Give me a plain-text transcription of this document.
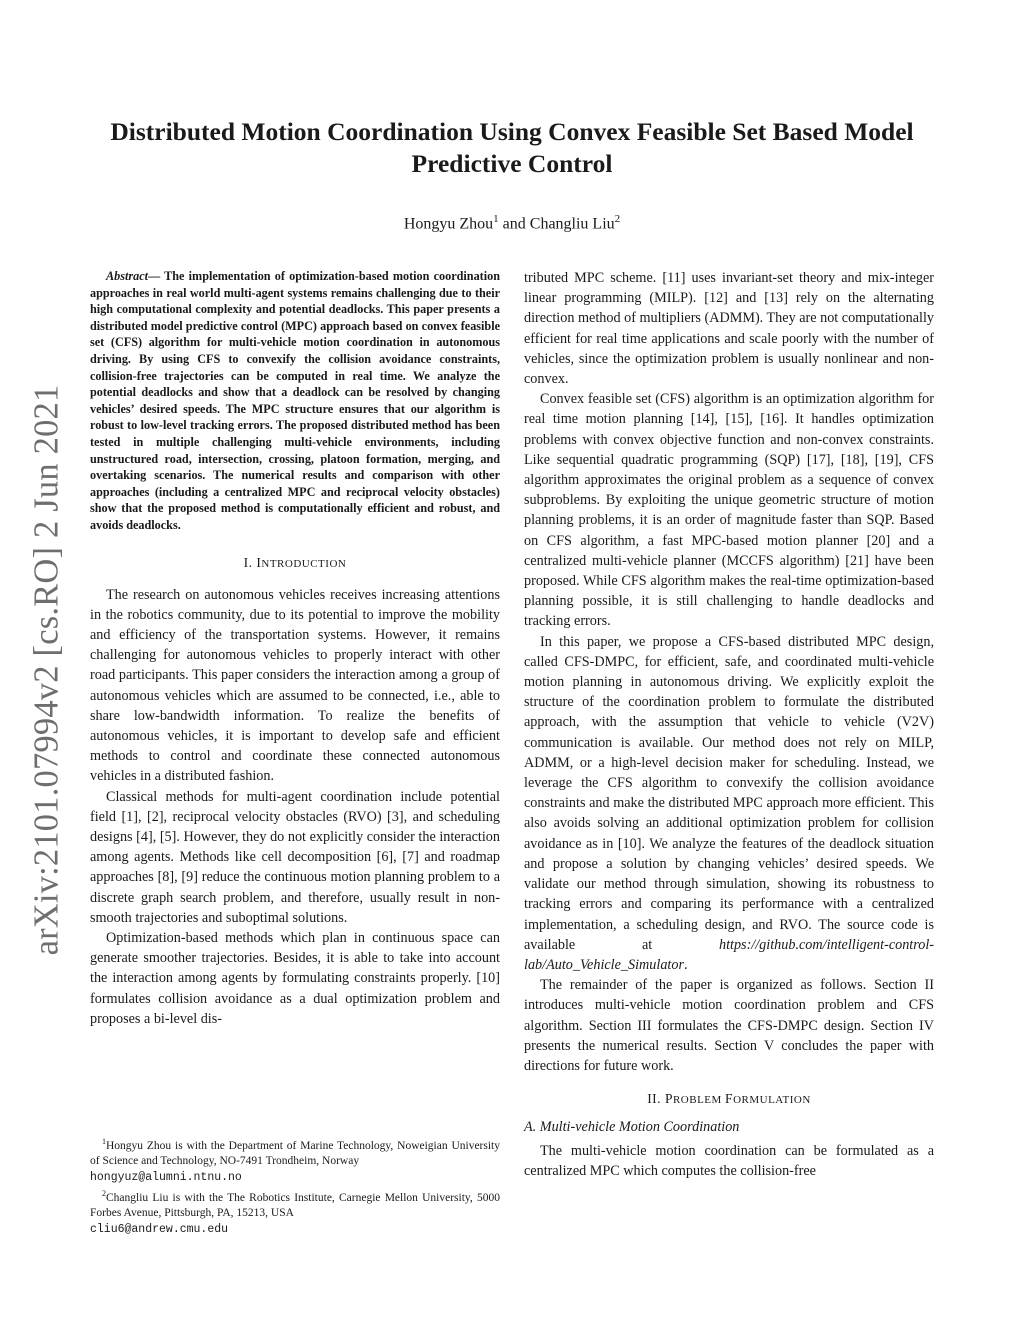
arXiv:2101.07994v2 [cs.RO] 2 Jun 2021
Distributed Motion Coordination Using Convex Feasible Set Based Model Predictive Control
Hongyu Zhou$^1$ and Changliu Liu$^2$

Abstract— The implementation of optimization-based motion coordination approaches in real world multi-agent systems remains challenging due to their high computational complexity and potential deadlocks. This paper presents a distributed model predictive control (MPC) approach based on convex feasible set (CFS) algorithm for multi-vehicle motion coordination in autonomous driving. By using CFS to convexify the collision avoidance constraints, collision-free trajectories can be computed in real time. We analyze the potential deadlocks and show that a deadlock can be resolved by changing vehicles’ desired speeds. The MPC structure ensures that our algorithm is robust to low-level tracking errors. The proposed distributed method has been tested in multiple challenging multi-vehicle environments, including unstructured road, intersection, crossing, platoon formation, merging, and overtaking scenarios. The numerical results and comparison with other approaches (including a centralized MPC and reciprocal velocity obstacles) show that the proposed method is computationally efficient and robust, and avoids deadlocks.

I. INTRODUCTION

The research on autonomous vehicles receives increasing attentions in the robotics community, due to its potential to improve the mobility and efficiency of the transportation systems. However, it remains challenging for autonomous vehicles to properly interact with other road participants. This paper considers the interaction among a group of autonomous vehicles which are assumed to be connected, i.e., able to share low-bandwidth information. To realize the benefits of autonomous vehicles, it is important to develop safe and efficient methods to control and coordinate these connected autonomous vehicles in a distributed fashion.

Classical methods for multi-agent coordination include potential field [1], [2], reciprocal velocity obstacles (RVO) [3], and scheduling designs [4], [5]. However, they do not explicitly consider the interaction among agents. Methods like cell decomposition [6], [7] and roadmap approaches [8], [9] reduce the continuous motion planning problem to a discrete graph search problem, and therefore, usually result in non-smooth trajectories and suboptimal solutions.

Optimization-based methods which plan in continuous space can generate smoother trajectories. Besides, it is able to take into account the interaction among agents by formulating constraints properly. [10] formulates collision avoidance as a dual optimization problem and proposes a bi-level dis-

$^1$Hongyu Zhou is with the Department of Marine Technology, Noweigian University of Science and Technology, NO-7491 Trondheim, Norway
hongyuz@alumni.ntnu.no

$^2$Changliu Liu is with the The Robotics Institute, Carnegie Mellon University, 5000 Forbes Avenue, Pittsburgh, PA, 15213, USA
cliu6@andrew.cmu.edu

tributed MPC scheme. [11] uses invariant-set theory and mix-integer linear programming (MILP). [12] and [13] rely on the alternating direction method of multipliers (ADMM). They are not computationally efficient for real time applications and scale poorly with the number of vehicles, since the optimization problem is usually nonlinear and non-convex.

Convex feasible set (CFS) algorithm is an optimization algorithm for real time motion planning [14], [15], [16]. It handles optimization problems with convex objective function and non-convex constraints. Like sequential quadratic programming (SQP) [17], [18], [19], CFS algorithm approximates the original problem as a sequence of convex subproblems. By exploiting the unique geometric structure of motion planning problems, it is an order of magnitude faster than SQP. Based on CFS algorithm, a fast MPC-based motion planner [20] and a centralized multi-vehicle planner (MCCFS algorithm) [21] have been proposed. While CFS algorithm makes the real-time optimization-based planning possible, it is still challenging to handle deadlocks and tracking errors.

In this paper, we propose a CFS-based distributed MPC design, called CFS-DMPC, for efficient, safe, and coordinated multi-vehicle motion planning in autonomous driving. We explicitly exploit the structure of the coordination problem to formulate the distributed approach, with the assumption that vehicle to vehicle (V2V) communication is available. Our method does not rely on MILP, ADMM, or a high-level decision maker for scheduling. Instead, we leverage the CFS algorithm to convexify the collision avoidance constraints and make the distributed MPC approach more efficient. This also avoids solving an additional optimization problem for collision avoidance as in [10]. We analyze the features of the deadlock situation and propose a solution by changing vehicles’ desired speeds. We validate our method through simulation, showing its robustness to tracking errors and comparing its performance with a centralized implementation, a scheduling design, and RVO. The source code is available at https://github.com/intelligent-control-lab/Auto_Vehicle_Simulator.

The remainder of the paper is organized as follows. Section II introduces multi-vehicle motion coordination problem and CFS algorithm. Section III formulates the CFS-DMPC design. Section IV presents the numerical results. Section V concludes the paper with directions for future work.

II. PROBLEM FORMULATION

A. Multi-vehicle Motion Coordination

The multi-vehicle motion coordination can be formulated as a centralized MPC which computes the collision-free
